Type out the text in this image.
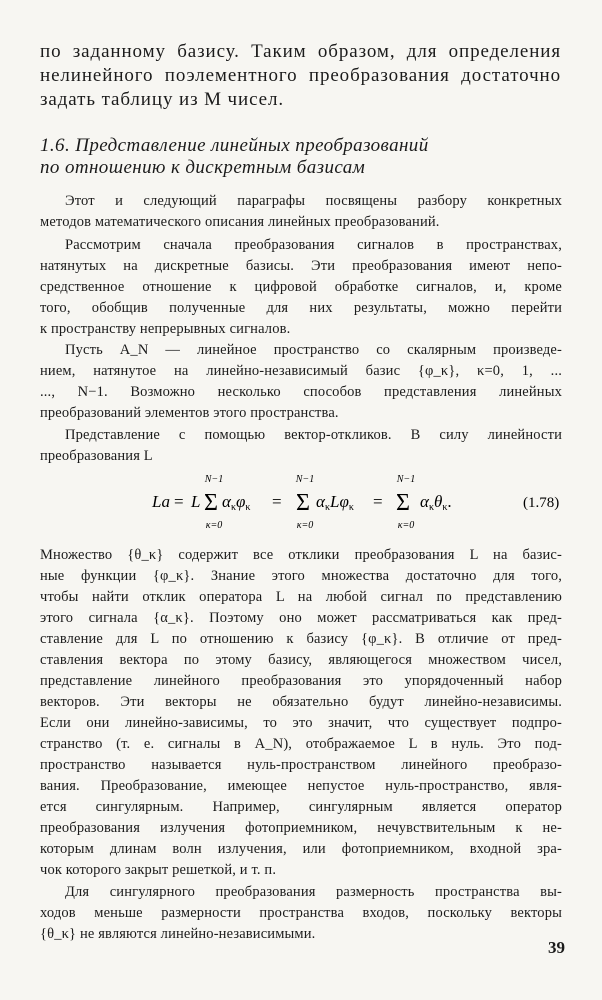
по заданному базису. Таким образом, для определения
нелинейного поэлементного преобразования достаточно
задать таблицу из M чисел.
1.6. Представление линейных преобразований
по отношению к дискретным базисам
Этот и следующий параграфы посвящены разбору конкретных
методов математического описания линейных преобразований.
Рассмотрим сначала преобразования сигналов в пространствах,
натянутых на дискретные базисы. Эти преобразования имеют непо-
средственное отношение к цифровой обработке сигналов, и, кроме
того, обобщив полученные для них результаты, можно перейти
к пространству непрерывных сигналов.
Пусть A_N — линейное пространство со скалярным произведе-
нием, натянутое на линейно-независимый базис {φ_κ}, κ=0, 1, ...
..., N−1. Возможно несколько способов представления линейных
преобразований элементов этого пространства.
Представление с помощью вектор-откликов. В силу линейности
преобразования L
N−1	N−1	N−1
La = L Σ ακφκ = Σ ακLφκ = Σ ακθκ.
κ=0	κ=0	κ=0
(1.78)
Множество {θ_κ} содержит все отклики преобразования L на базис-
ные функции {φ_κ}. Знание этого множества достаточно для того,
чтобы найти отклик оператора L на любой сигнал по представлению
этого сигнала {α_κ}. Поэтому оно может рассматриваться как пред-
ставление для L по отношению к базису {φ_κ}. В отличие от пред-
ставления вектора по этому базису, являющегося множеством чисел,
представление линейного преобразования это упорядоченный набор
векторов. Эти векторы не обязательно будут линейно-независимы.
Если они линейно-зависимы, то это значит, что существует подпро-
странство (т. е. сигналы в A_N), отображаемое L в нуль. Это под-
пространство называется нуль-пространством линейного преобразо-
вания. Преобразование, имеющее непустое нуль-пространство, явля-
ется сингулярным. Например, сингулярным является оператор
преобразования излучения фотоприемником, нечувствительным к не-
которым длинам волн излучения, или фотоприемником, входной зра-
чок которого закрыт решеткой, и т. п.
Для сингулярного преобразования размерность пространства вы-
ходов меньше размерности пространства входов, поскольку векторы
{θ_κ} не являются линейно-независимыми.
39
